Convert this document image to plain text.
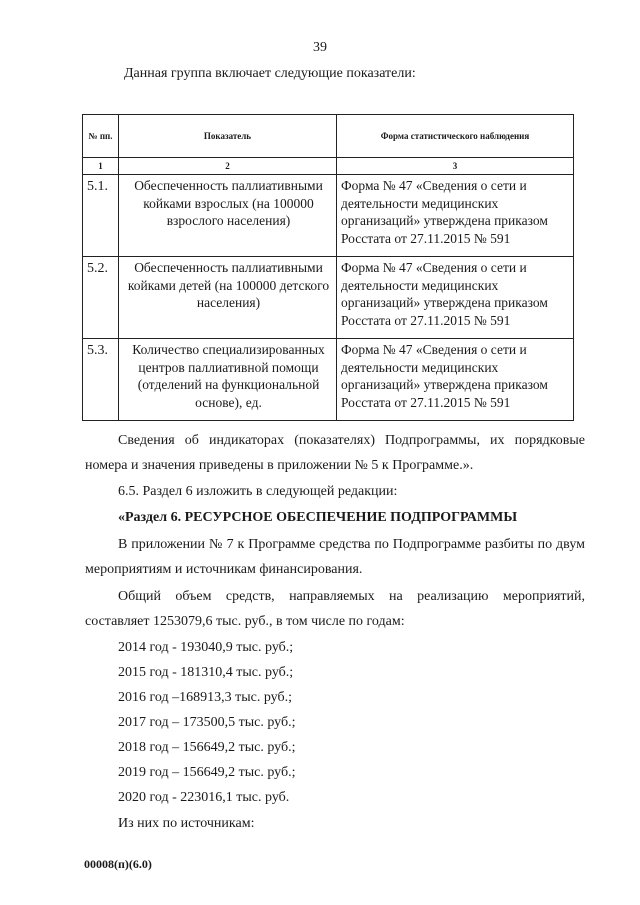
39
Данная группа включает следующие показатели:
№ пп.	Показатель	Форма статистического наблюдения
1	2	3
5.1.	Обеспеченность паллиативными койками взрослых (на 100000 взрослого населения)	Форма № 47 «Сведения о сети и деятельности медицинских организаций» утверждена приказом Росстата от 27.11.2015 № 591
5.2.	Обеспеченность паллиативными койками детей (на 100000 детского населения)	Форма № 47 «Сведения о сети и деятельности медицинских организаций» утверждена приказом Росстата от 27.11.2015 № 591
5.3.	Количество специализированных центров паллиативной помощи (отделений на функциональной основе), ед.	Форма № 47 «Сведения о сети и деятельности медицинских организаций» утверждена приказом Росстата от 27.11.2015 № 591

Сведения об индикаторах (показателях) Подпрограммы, их порядковые номера и значения приведены в приложении № 5 к Программе.».

6.5. Раздел 6 изложить в следующей редакции:

«Раздел 6. РЕСУРСНОЕ ОБЕСПЕЧЕНИЕ ПОДПРОГРАММЫ

В приложении № 7 к Программе средства по Подпрограмме разбиты по двум мероприятиям и источникам финансирования.

Общий объем средств, направляемых на реализацию мероприятий, составляет 1253079,6 тыс. руб., в том числе по годам:

2014 год - 193040,9 тыс. руб.;

2015 год - 181310,4 тыс. руб.;

2016 год –168913,3 тыс. руб.;

2017 год – 173500,5 тыс. руб.;

2018 год – 156649,2 тыс. руб.;

2019 год – 156649,2 тыс. руб.;

2020 год - 223016,1 тыс. руб.

Из них по источникам:

00008(п)(6.0)
